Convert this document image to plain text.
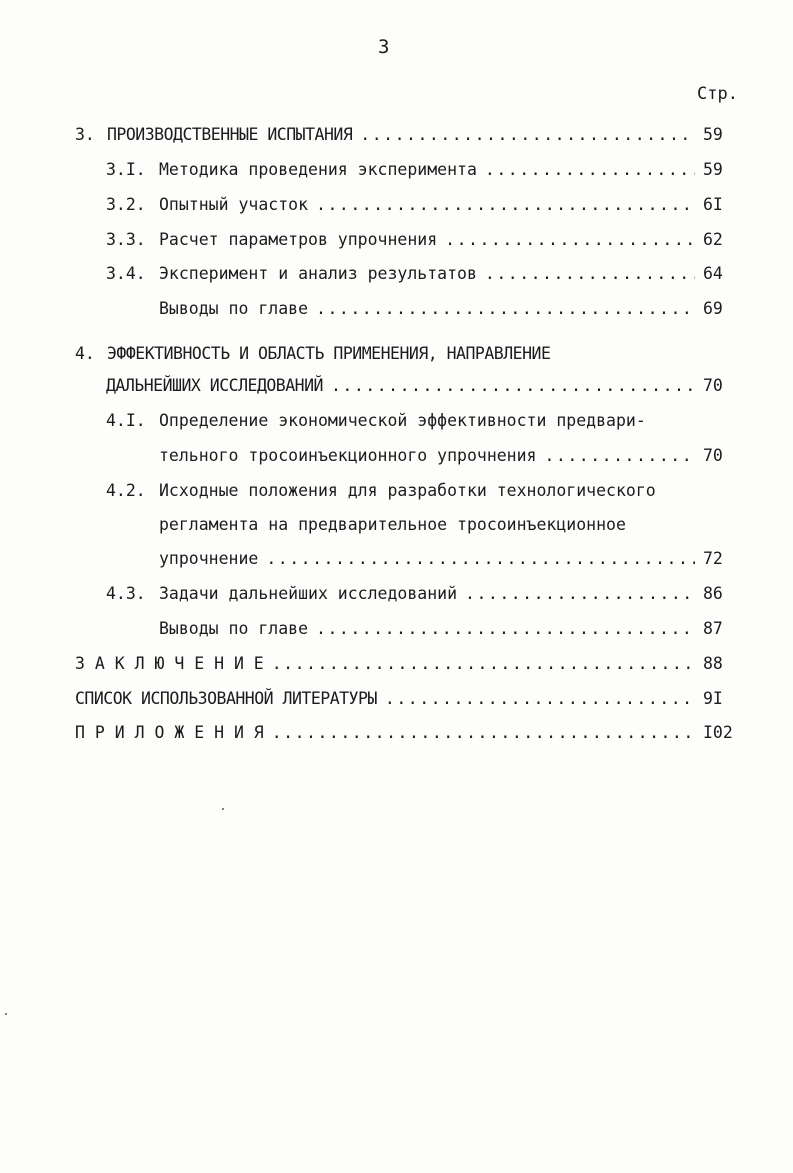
3
Стр.
3. ПРОИЗВОДСТВЕННЫЕ ИСПЫТАНИЯ .....	59
3.I. Методика проведения эксперимента .....	59
3.2. Опытный участок .....	6I
3.3. Расчет параметров упрочнения .....	62
3.4. Эксперимент и анализ результатов .....	64
Выводы по главе .....	69
4. ЭФФЕКТИВНОСТЬ И ОБЛАСТЬ ПРИМЕНЕНИЯ, НАПРАВЛЕНИЕ
ДАЛЬНЕЙШИХ ИССЛЕДОВАНИЙ .....	70
4.I. Определение экономической эффективности предвари-
тельного тросоинъекционного упрочнения .....	70
4.2. Исходные положения для разработки технологического
регламента на предварительное тросоинъекционное
упрочнение .....	72
4.3. Задачи дальнейших исследований .....	86
Выводы по главе .....	87
З А К Л Ю Ч Е Н И Е .....	88
СПИСОК ИСПОЛЬЗОВАННОЙ ЛИТЕРАТУРЫ .....	9I
П Р И Л О Ж Е Н И Я .....	I02
